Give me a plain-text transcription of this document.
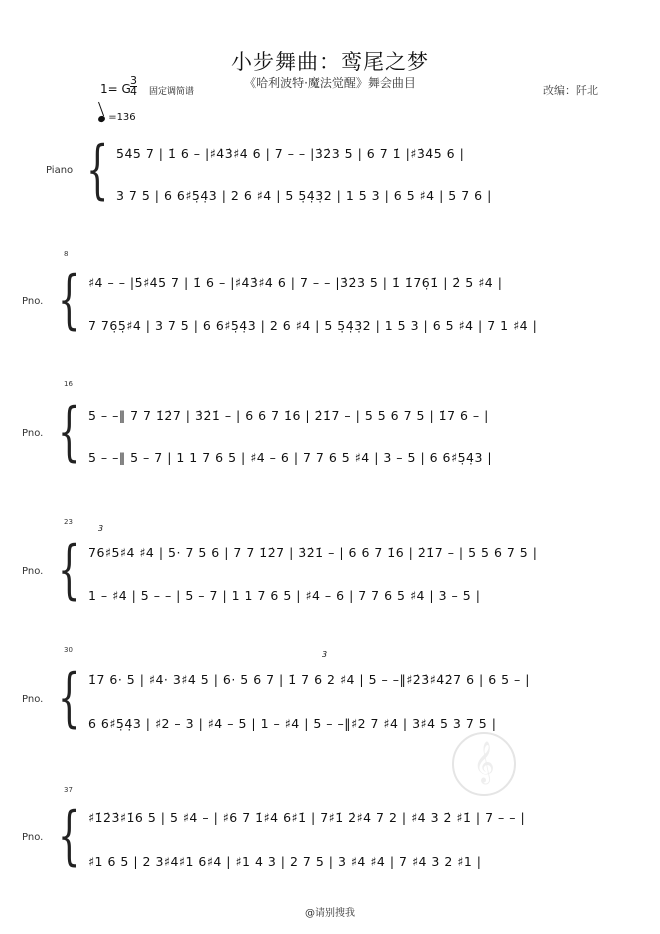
小步舞曲：鸾尾之梦
《哈利波特·魔法觉醒》舞会曲目
改编：阡北
1= G
3
4 固定调简谱
=136
Piano { 5̇4̇5 7 | 1̇ 6 – |♯4̇3̇♯4 6 | 7 – – |3̇2̇3 5 | 6 7 1̇ |♯3̇4̇5 6 |
3 7 5 | 6 6♯5̣4̣3 | 2 6 ♯4 | 5 5̣4̣3̣2 | 1 5 3 | 6 5 ♯4 | 5 7 6 |
8
Pno. { ♯4 – – |5̇♯4̇5 7 | 1̇ 6 – |♯4̇3̇♯4 6 | 7 – – |3̇2̇3 5 | 1̇ 1̇76̣1̇ | 2̇ 5 ♯4 |
7 76̣5̣♯4 | 3 7 5 | 6 6♯5̣4̣3 | 2 6 ♯4 | 5 5̣4̣3̣2 | 1 5 3 | 6 5 ♯4 | 7 1 ♯4 |
16
Pno. { 5 – –‖ 7 7 1̇2̇7 | 3̇2̇1̇ – | 6 6 7 1̇6 | 2̇1̇7 – | 5 5 6 7 5 | 1̇7 6 – |
5 – –‖ 5 – 7 | 1 1 7 6 5 | ♯4 – 6 | 7 7 6 5 ♯4 | 3 – 5 | 6 6♯5̣4̣3 |
23
3
Pno. { 76♯5♯4 ♯4 | 5· 7 5 6 | 7 7 1̇2̇7 | 3̇2̇1̇ – | 6 6 7 1̇6 | 2̇1̇7 – | 5 5 6 7 5 |
1 – ♯4 | 5 – – | 5 – 7 | 1 1 7 6 5 | ♯4 – 6 | 7 7 6 5 ♯4 | 3 – 5 |
30	3
Pno. { 1̇7 6· 5 | ♯4· 3♯4 5 | 6· 5 6 7 | 1̇ 7 6 2 ♯4 | 5 – –‖♯2̇3̇♯4̇2̇7 6 | 6 5 – |
6 6♯5̣4̣3 | ♯2 – 3 | ♯4 – 5 | 1 – ♯4 | 5 – –‖♯2 7 ♯4 | 3♯4 5 3 7 5 |
37
Pno. { ♯1̇2̇3̇♯1̇6 5 | 5 ♯4 – | ♯6 7 1̇♯4 6♯1̇ | 7♯1̇ 2̇♯4 7 2 | ♯4 3 2̇ ♯1̇ | 7 – – |
♯1 6 5 | 2 3♯4♯1 6♯4 | ♯1 4 3 | 2 7 5 | 3 ♯4 ♯4 | 7 ♯4 3 2 ♯1 |
𝄞
@请别搜我
